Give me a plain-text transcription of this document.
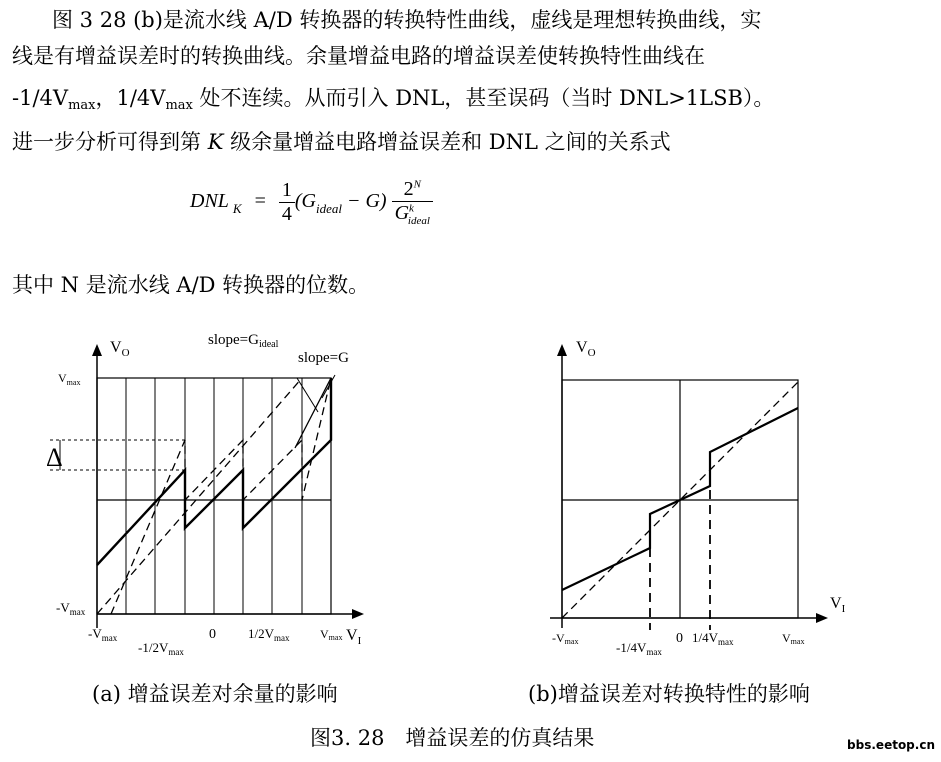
图 3 28 (b)是流水线 A/D 转换器的转换特性曲线，虚线是理想转换曲线，实
线是有增益误差时的转换曲线。余量增益电路的增益误差使转换特性曲线在
$-1/4V_{max}$，$1/4V_{max}$ 处不连续。从而引入 DNL，甚至误码（当时 DNL>1LSB）。
进一步分析可得到第 K 级余量增益电路增益误差和 DNL 之间的关系式
其中 N 是流水线 A/D 转换器的位数。
DNL $_K = \frac{1}{4} (G_{ideal} - G) \frac{2^N}{G^k_{ideal}}$
$V_O$
$V_{max}$
$-V_{max}$
Δ
$slope=G_{ideal}$
slope=G
$-V_{max}$
$-1/2V_{max}$
0 $1/2V_{max}$	Vmax $V_I$
$V_O$
$V_I$
-Vmax	$-1/4V_{max}$
0 $1/4V_{max}$	Vmax
(a) 增益误差对余量的影响	(b)增益误差对转换特性的影响
图3. 28　增益误差的仿真结果	bbs.eetop.cn
